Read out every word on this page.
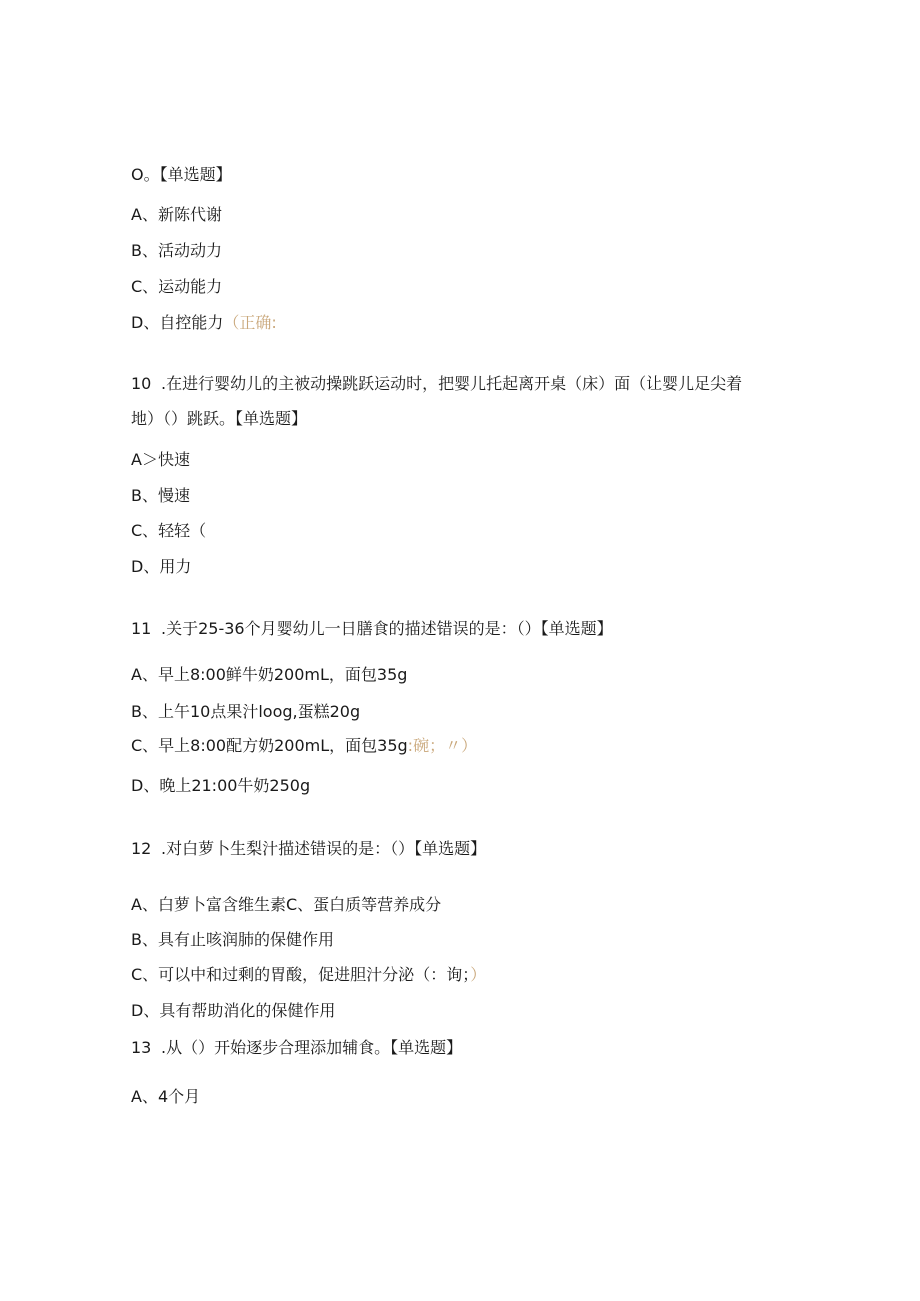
O。【单选题】
A、新陈代谢
B、活动动力
C、运动能力
D、自控能力（正确:
10 .在进行婴幼儿的主被动操跳跃运动时，把婴儿托起离开桌（床）面（让婴儿足尖着
地）（）跳跃。【单选题】
A＞快速
B、慢速
C、轻轻（
D、用力
11 .关于25-36个月婴幼儿一日膳食的描述错误的是：（）【单选题】
A、早上8:00鲜牛奶200mL，面包35g
B、上午10点果汁loog,蛋糕20g
C、早上8:00配方奶200mL，面包35g:碗；〃）
D、晚上21:00牛奶250g
12 .对白萝卜生梨汁描述错误的是：（）【单选题】
A、白萝卜富含维生素C、蛋白质等营养成分
B、具有止咳润肺的保健作用
C、可以中和过剩的胃酸，促进胆汁分泌（：询；）
D、具有帮助消化的保健作用
13 .从（）开始逐步合理添加辅食。【单选题】
A、4个月
